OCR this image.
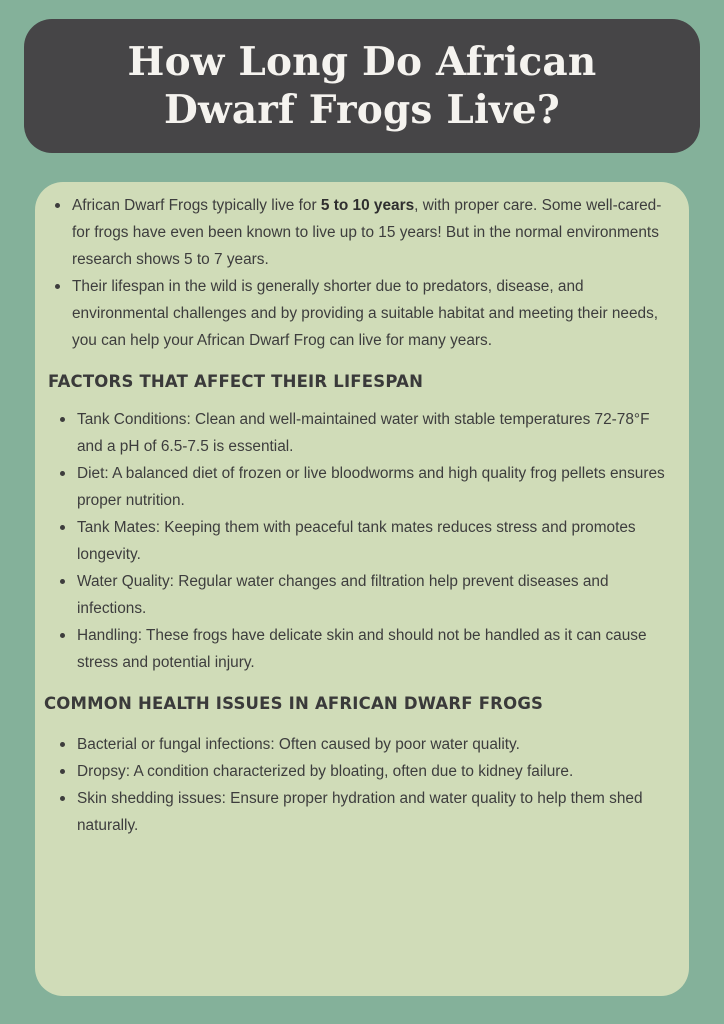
How Long Do African
Dwarf Frogs Live?
African Dwarf Frogs typically live for 5 to 10 years, with proper care. Some well-cared-for frogs have even been known to live up to 15 years! But in the normal environments research shows 5 to 7 years.
Their lifespan in the wild is generally shorter due to predators, disease, and environmental challenges and by providing a suitable habitat and meeting their needs, you can help your African Dwarf Frog can live for many years.
FACTORS THAT AFFECT THEIR LIFESPAN
Tank Conditions: Clean and well-maintained water with stable temperatures 72-78°F and a pH of 6.5-7.5 is essential.
Diet: A balanced diet of frozen or live bloodworms and high quality frog pellets ensures proper nutrition.
Tank Mates: Keeping them with peaceful tank mates reduces stress and promotes longevity.
Water Quality: Regular water changes and filtration help prevent diseases and infections.
Handling: These frogs have delicate skin and should not be handled as it can cause stress and potential injury.
COMMON HEALTH ISSUES IN AFRICAN DWARF FROGS
Bacterial or fungal infections: Often caused by poor water quality.
Dropsy: A condition characterized by bloating, often due to kidney failure.
Skin shedding issues: Ensure proper hydration and water quality to help them shed naturally.
